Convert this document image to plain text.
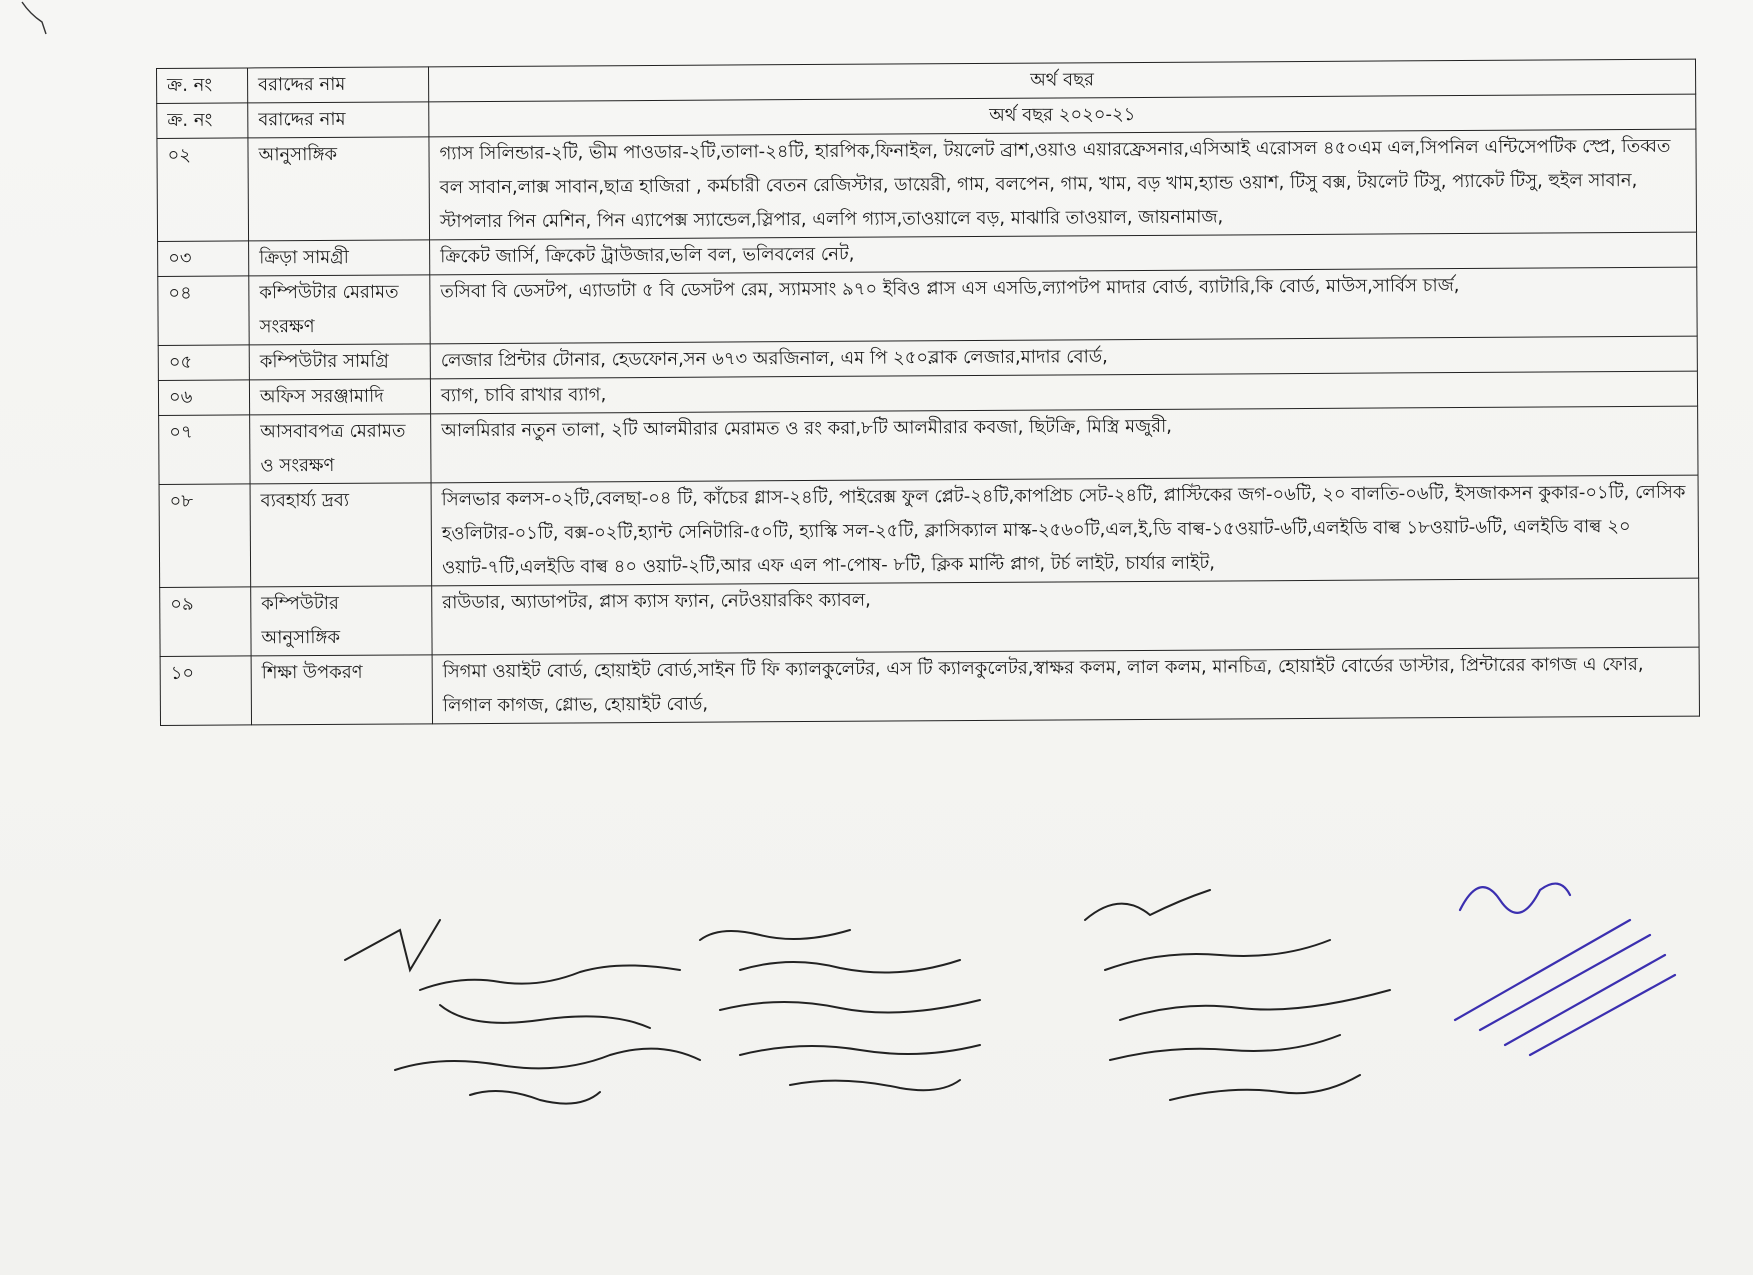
ক্র. নং	বরাদ্দের নাম	অর্থ বছর
ক্র. নং	বরাদ্দের নাম	অর্থ বছর ২০২০-২১
০২	আনুসাঙ্গিক	গ্যাস সিলিন্ডার-২টি, ভীম পাওডার-২টি,তালা-২৪টি, হারপিক,ফিনাইল, টয়লেট ব্রাশ,ওয়াও এয়ারফ্রেসনার,এসিআই এরোসল ৪৫০এম এল,সিপনিল এন্টিসেপটিক স্প্রে, তিব্বত বল সাবান,লাক্স সাবান,ছাত্র হাজিরা , কর্মচারী বেতন রেজিস্টার, ডায়েরী, গাম, বলপেন, গাম, খাম, বড় খাম,হ্যান্ড ওয়াশ, টিসু বক্স, টয়লেট টিসু, প্যাকেট টিসু, হুইল সাবান, স্টাপলার পিন মেশিন, পিন এ্যাপেক্স স্যান্ডেল,স্লিপার, এলপি গ্যাস,তাওয়ালে বড়, মাঝারি তাওয়াল, জায়নামাজ,
০৩	ক্রিড়া সামগ্রী	ক্রিকেট জার্সি, ক্রিকেট ট্রাউজার,ভলি বল, ভলিবলের নেট,
০৪	কম্পিউটার মেরামত সংরক্ষণ	তসিবা বি ডেসটপ, এ্যাডাটা ৫ বি ডেসটপ রেম, স্যামসাং ৯৭০ ইবিও প্লাস এস এসডি,ল্যাপটপ মাদার বোর্ড, ব্যাটারি,কি বোর্ড, মাউস,সার্বিস চার্জ,
০৫	কম্পিউটার সামগ্রি	লেজার প্রিন্টার টোনার, হেডফোন,সন ৬৭৩ অরজিনাল, এম পি ২৫০ব্লাক লেজার,মাদার বোর্ড,
০৬	অফিস সরঞ্জামাদি	ব্যাগ, চাবি রাখার ব্যাগ,
০৭	আসবাবপত্র মেরামত ও সংরক্ষণ	আলমিরার নতুন তালা, ২টি আলমীরার মেরামত ও রং করা,৮টি আলমীরার কবজা, ছিটক্রি, মিস্ত্রি মজুরী,
০৮	ব্যবহার্য্য দ্রব্য	সিলভার কলস-০২টি,বেলছা-০৪ টি, কাঁচের গ্লাস-২৪টি, পাইরেক্স ফুল প্লেট-২৪টি,কাপপ্রিচ সেট-২৪টি, প্লাস্টিকের জগ-০৬টি, ২০ বালতি-০৬টি, ইসজাকসন কুকার-০১টি, লেসিক হওলিটার-০১টি, বক্স-০২টি,হ্যান্ট সেনিটারি-৫০টি, হ্যাস্কি সল-২৫টি, ক্লাসিক্যাল মাস্ক-২৫৬০টি,এল,ই,ডি বাল্ব-১৫ওয়াট-৬টি,এলইডি বাল্ব ১৮ওয়াট-৬টি, এলইডি বাল্ব ২০ ওয়াট-৭টি,এলইডি বাল্ব ৪০ ওয়াট-২টি,আর এফ এল পা-পোষ- ৮টি, ক্লিক মাল্টি প্লাগ, টর্চ লাইট, চার্যার লাইট,
০৯	কম্পিউটার আনুসাঙ্গিক	রাউডার, অ্যাডাপটর, প্লাস ক্যাস ফ্যান, নেটওয়ারকিং ক্যাবল,
১০	শিক্ষা উপকরণ	সিগমা ওয়াইট বোর্ড, হোয়াইট বোর্ড,সাইন টি ফি ক্যালকুলেটর, এস টি ক্যালকুলেটর,স্বাক্ষর কলম, লাল কলম, মানচিত্র, হোয়াইট বোর্ডের ডাস্টার, প্রিন্টারের কাগজ এ ফোর, লিগাল কাগজ, গ্লোভ, হোয়াইট বোর্ড,
